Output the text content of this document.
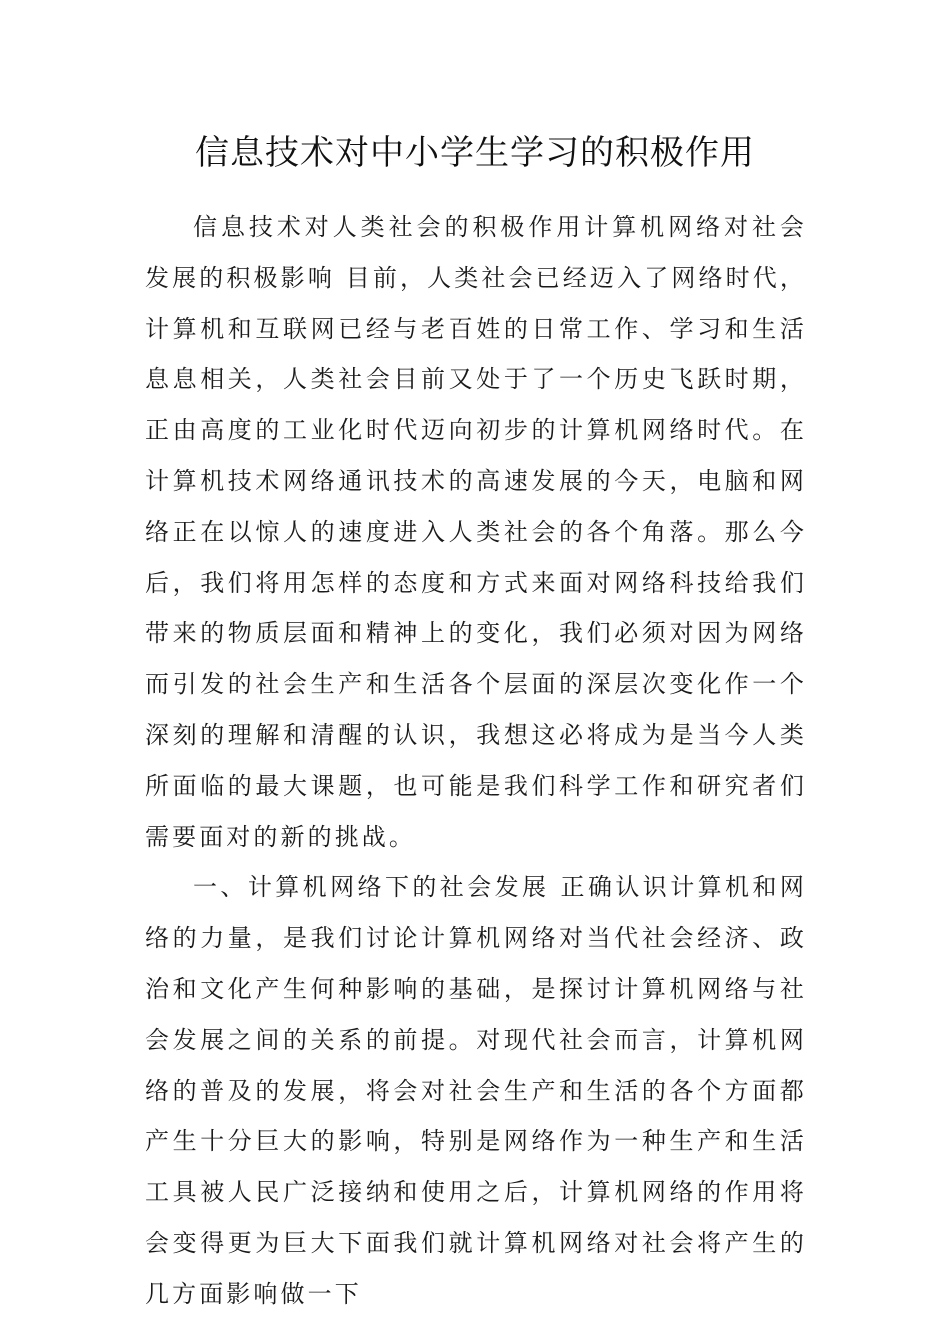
信息技术对中小学生学习的积极作用

信息技术对人类社会的积极作用计算机网络对社会发展的积极影响 目前，人类社会已经迈入了网络时代，计算机和互联网已经与老百姓的日常工作、学习和生活息息相关，人类社会目前又处于了一个历史飞跃时期，正由高度的工业化时代迈向初步的计算机网络时代。在计算机技术网络通讯技术的高速发展的今天，电脑和网络正在以惊人的速度进入人类社会的各个角落。那么今后，我们将用怎样的态度和方式来面对网络科技给我们带来的物质层面和精神上的变化，我们必须对因为网络而引发的社会生产和生活各个层面的深层次变化作一个深刻的理解和清醒的认识，我想这必将成为是当今人类所面临的最大课题，也可能是我们科学工作和研究者们需要面对的新的挑战。

一、计算机网络下的社会发展 正确认识计算机和网络的力量，是我们讨论计算机网络对当代社会经济、政治和文化产生何种影响的基础，是探讨计算机网络与社会发展之间的关系的前提。对现代社会而言，计算机网络的普及的发展，将会对社会生产和生活的各个方面都产生十分巨大的影响，特别是网络作为一种生产和生活工具被人民广泛接纳和使用之后，计算机网络的作用将会变得更为巨大下面我们就计算机网络对社会将产生的几方面影响做一下
